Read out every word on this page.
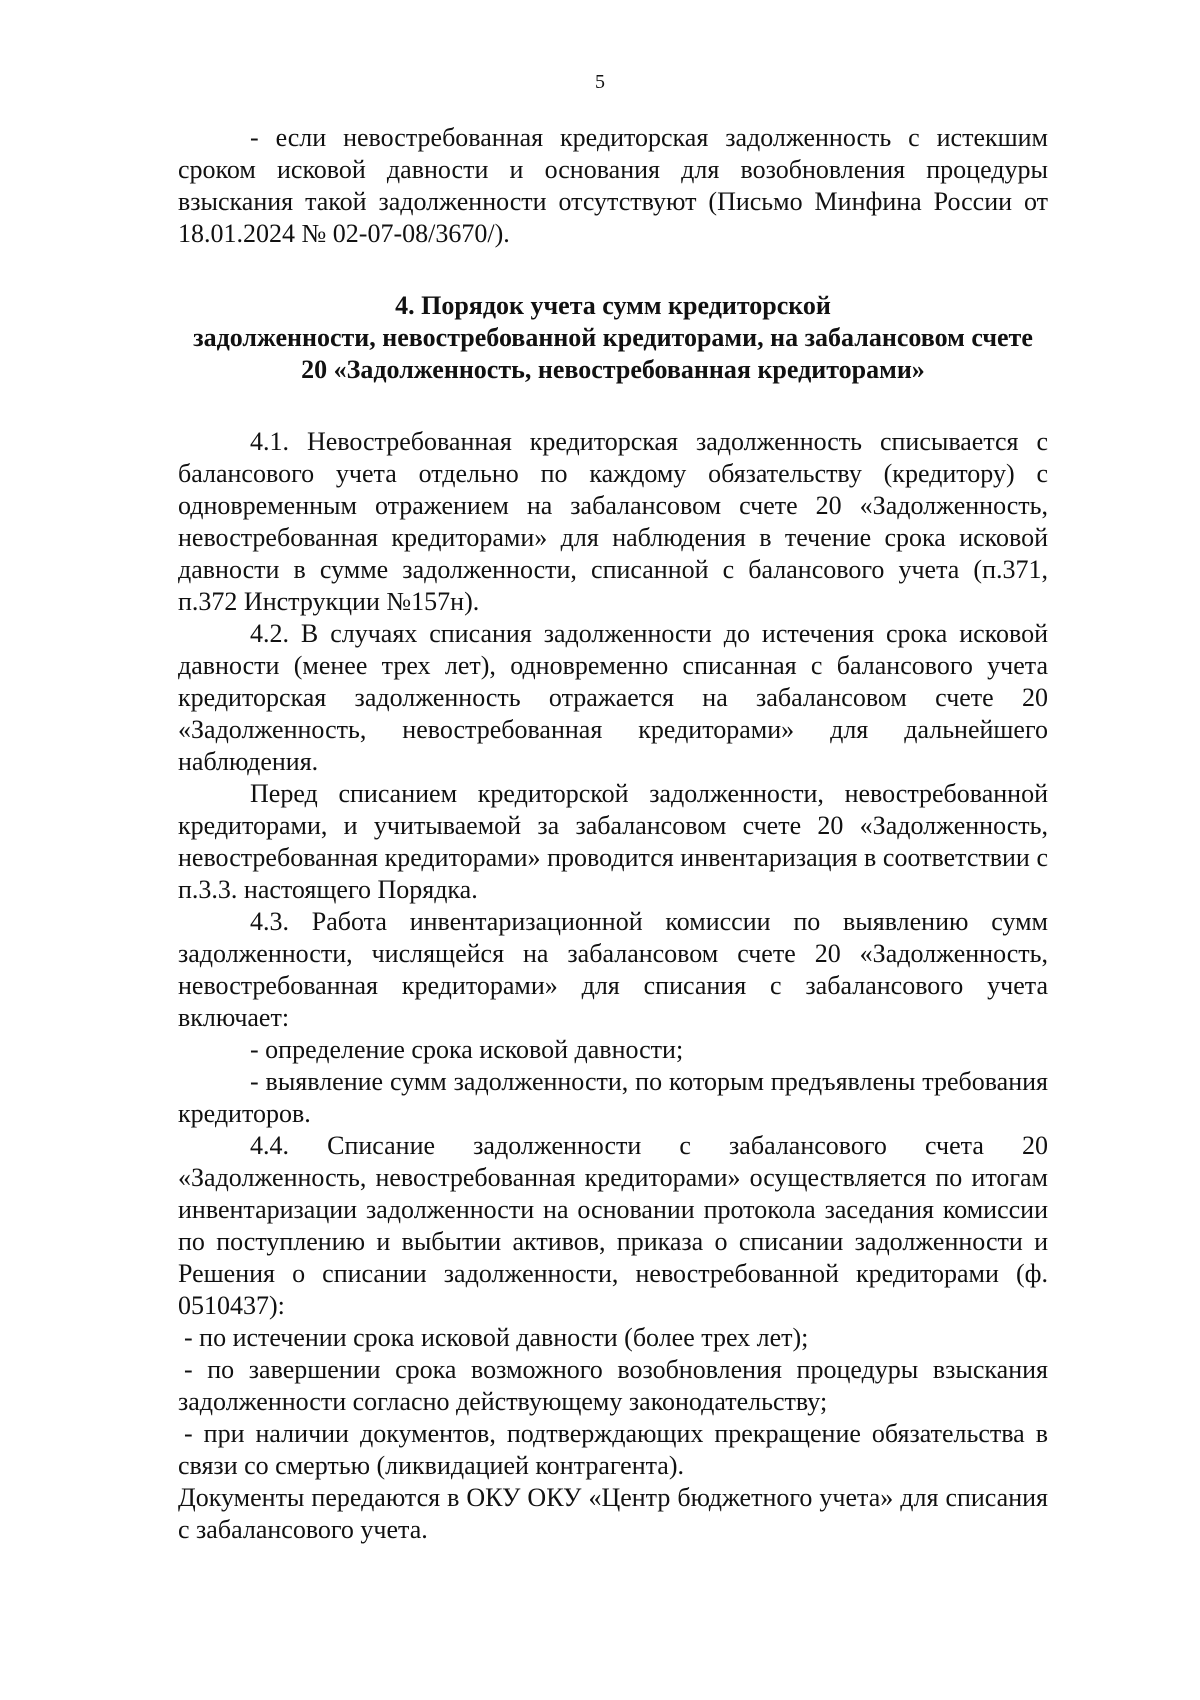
5

- если невостребованная кредиторская задолженность с истекшим сроком исковой давности и основания для возобновления процедуры взыскания такой задолженности отсутствуют (Письмо Минфина России от 18.01.2024 № 02-07-08/3670/).

4. Порядок учета сумм кредиторской
задолженности, невостребованной кредиторами, на забалансовом счете
20 «Задолженность, невостребованная кредиторами»

4.1. Невостребованная кредиторская задолженность списывается с балансового учета отдельно по каждому обязательству (кредитору) с одновременным отражением на забалансовом счете 20 «Задолженность, невостребованная кредиторами» для наблюдения в течение срока исковой давности в сумме задолженности, списанной с балансового учета (п.371, п.372 Инструкции №157н).

4.2. В случаях списания задолженности до истечения срока исковой давности (менее трех лет), одновременно списанная с балансового учета кредиторская задолженность отражается на забалансовом счете 20 «Задолженность, невостребованная кредиторами» для дальнейшего наблюдения.

Перед списанием кредиторской задолженности, невостребованной кредиторами, и учитываемой за забалансовом счете 20 «Задолженность, невостребованная кредиторами» проводится инвентаризация в соответствии с п.3.3. настоящего Порядка.

4.3. Работа инвентаризационной комиссии по выявлению сумм задолженности, числящейся на забалансовом счете 20 «Задолженность, невостребованная кредиторами» для списания с забалансового учета включает:

- определение срока исковой давности;

- выявление сумм задолженности, по которым предъявлены требования кредиторов.

4.4. Списание задолженности с забалансового счета 20 «Задолженность, невостребованная кредиторами» осуществляется по итогам инвентаризации задолженности на основании протокола заседания комиссии по поступлению и выбытии активов, приказа о списании задолженности и Решения о списании задолженности, невостребованной кредиторами (ф. 0510437):

- по истечении срока исковой давности (более трех лет);

- по завершении срока возможного возобновления процедуры взыскания задолженности согласно действующему законодательству;

- при наличии документов, подтверждающих прекращение обязательства в связи со смертью (ликвидацией контрагента).

Документы передаются в ОКУ ОКУ «Центр бюджетного учета» для списания с забалансового учета.
